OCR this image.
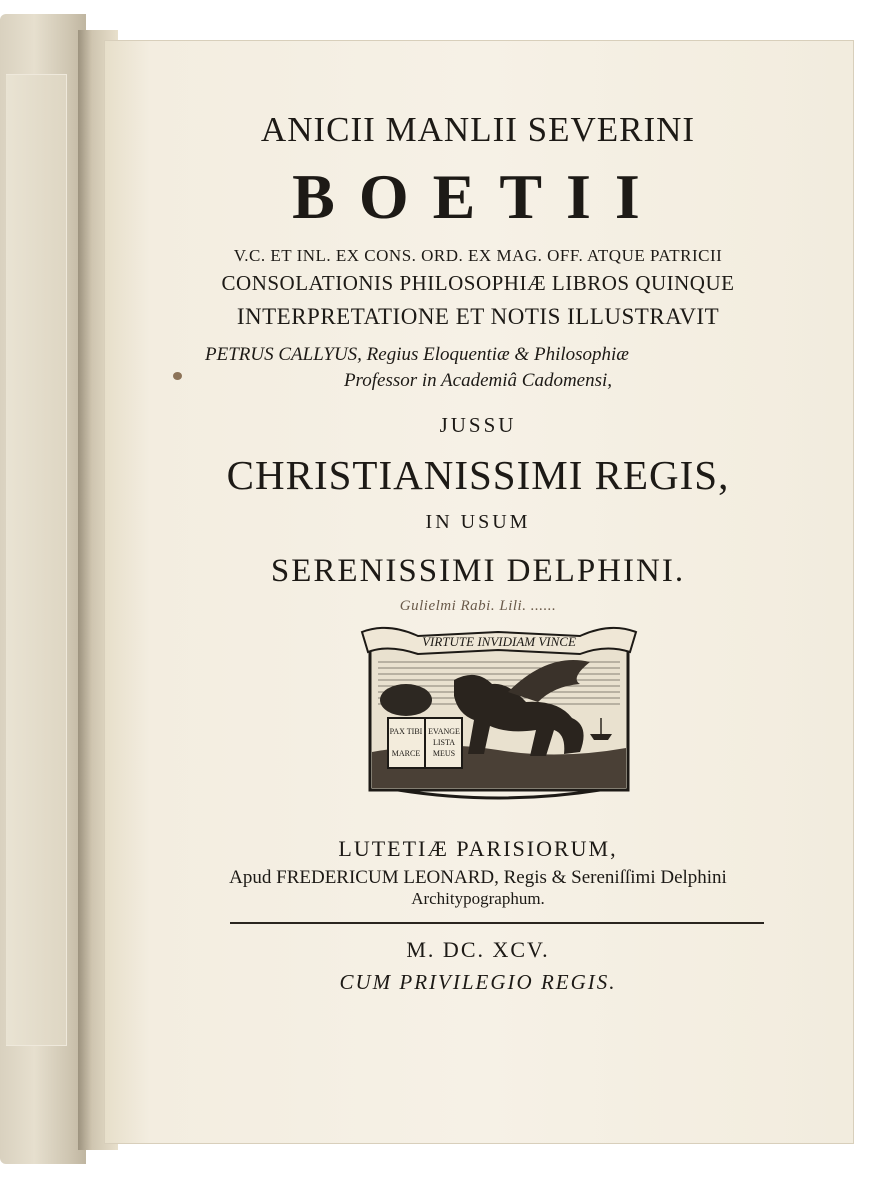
ANICII MANLII SEVERINI

BOETII

V.C. ET INL. EX CONS. ORD. EX MAG. OFF. ATQUE PATRICII

CONSOLATIONIS PHILOSOPHIÆ LIBROS QUINQUE

INTERPRETATIONE ET NOTIS ILLUSTRAVIT

PETRUS CALLYUS, Regius Eloquentiæ & Philosophiæ

Professor in Academiâ Cadomensi,

JUSSU

CHRISTIANISSIMI REGIS,

IN USUM

SERENISSIMI DELPHINI.

Gulielmi Rabi. Lili. ......

VIRTUTE INVIDIAM VINCE
PAX TIBI
MARCE
EVANGE
LISTA
MEUS

LUTETIÆ PARISIORUM,

Apud FREDERICUM LEONARD, Regis & Sereniſſimi Delphini

Architypographum.

M. DC. XCV.

CUM PRIVILEGIO REGIS.
